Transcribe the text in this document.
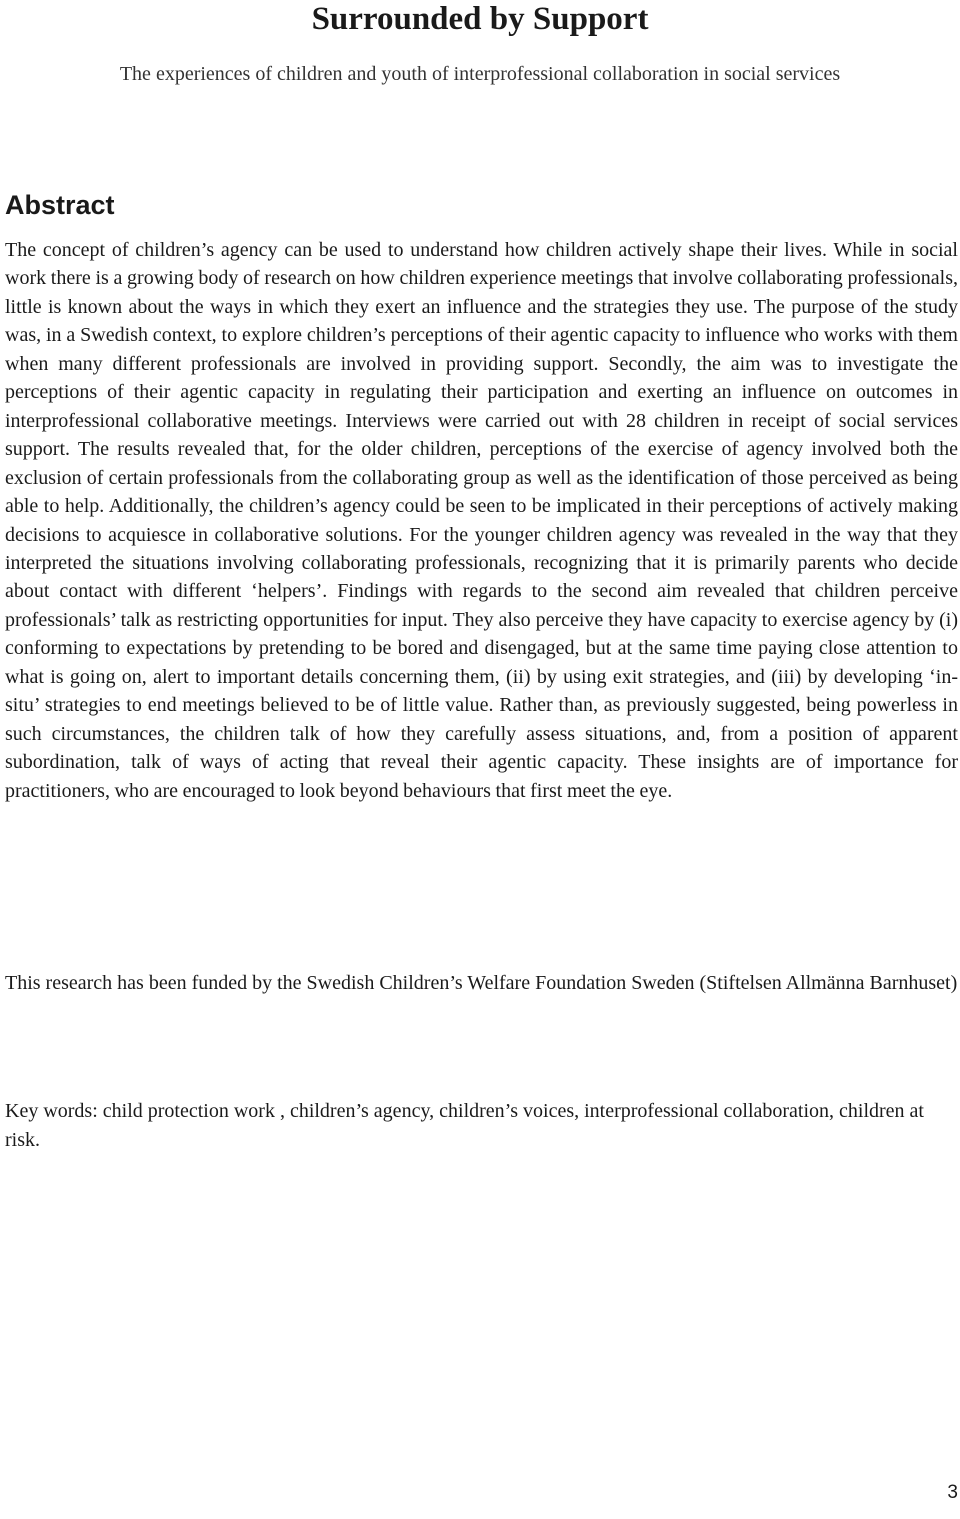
Surrounded by Support

The experiences of children and youth of interprofessional collaboration in social services

Abstract

The concept of children’s agency can be used to understand how children actively shape their lives. While in social work there is a growing body of research on how children experience meetings that involve collaborating professionals, little is known about the ways in which they exert an influence and the strategies they use. The purpose of the study was, in a Swedish context, to explore children’s perceptions of their agentic capacity to influence who works with them when many different professionals are involved in providing support. Secondly, the aim was to investigate the perceptions of their agentic capacity in regulating their participation and exerting an influence on outcomes in interprofessional collaborative meetings. Interviews were carried out with 28 children in receipt of social services support. The results revealed that, for the older children, perceptions of the exercise of agency involved both the exclusion of certain professionals from the collaborating group as well as the identification of those perceived as being able to help. Additionally, the children’s agency could be seen to be implicated in their perceptions of actively making decisions to acquiesce in collaborative solutions. For the younger children agency was revealed in the way that they interpreted the situations involving collaborating professionals, recognizing that it is primarily parents who decide about contact with different ‘helpers’. Findings with regards to the second aim revealed that children perceive professionals’ talk as restricting opportunities for input. They also perceive they have capacity to exercise agency by (i) conforming to expectations by pretending to be bored and disengaged, but at the same time paying close attention to what is going on, alert to important details concerning them, (ii) by using exit strategies, and (iii) by developing ‘in-situ’ strategies to end meetings believed to be of little value. Rather than, as previously suggested, being powerless in such circumstances, the children talk of how they carefully assess situations, and, from a position of apparent subordination, talk of ways of acting that reveal their agentic capacity. These insights are of importance for practitioners, who are encouraged to look beyond behaviours that first meet the eye.

This research has been funded by the Swedish Children’s Welfare Foundation Sweden (Stiftelsen Allmänna Barnhuset)

Key words: child protection work , children’s agency, children’s voices, interprofessional collaboration, children at risk.

3
